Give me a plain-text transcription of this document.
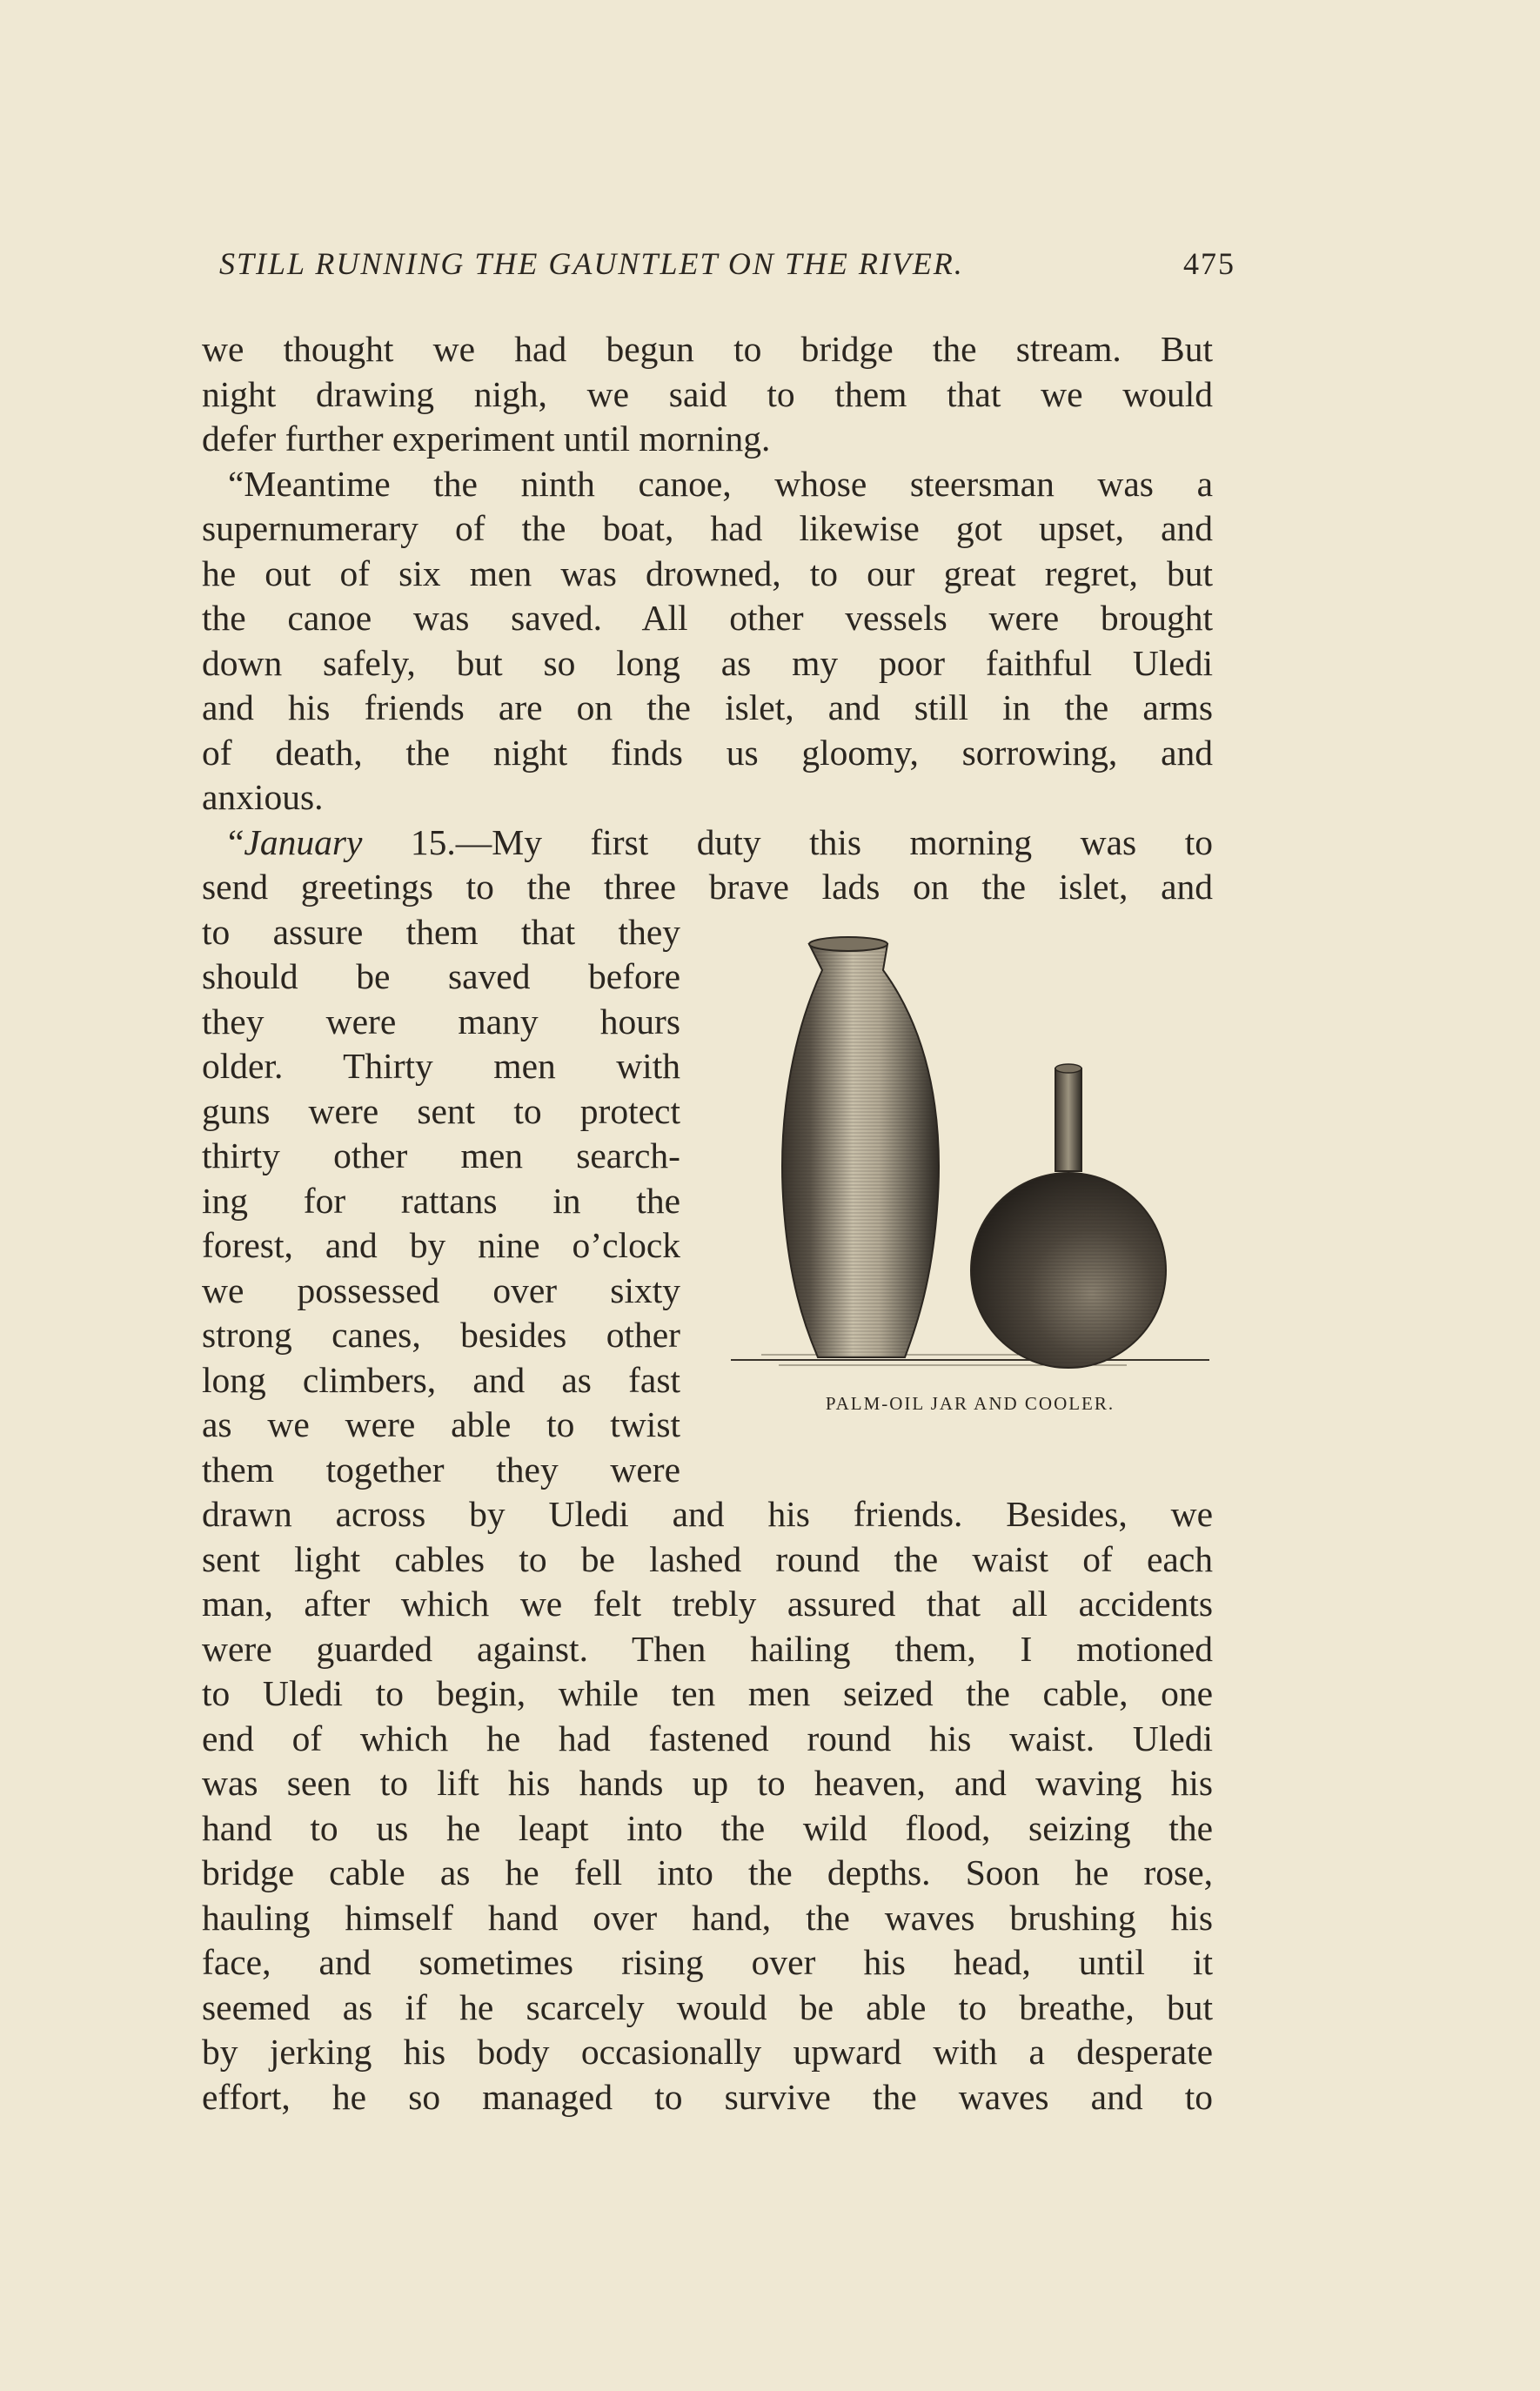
STILL RUNNING THE GAUNTLET ON THE RIVER.	475
we thought we had begun to bridge the stream. But
night drawing nigh, we said to them that we would
defer further experiment until morning.
“Meantime the ninth canoe, whose steersman was a
supernumerary of the boat, had likewise got upset, and
he out of six men was drowned, to our great regret, but
the canoe was saved. All other vessels were brought
down safely, but so long as my poor faithful Uledi
and his friends are on the islet, and still in the arms
of death, the night finds us gloomy, sorrowing, and
anxious.
“January 15.—My first duty this morning was to
send greetings to the three brave lads on the islet, and
to assure them that they
should be saved before
they were many hours
older. Thirty men with
guns were sent to protect
thirty other men search-
ing for rattans in the
forest, and by nine o’clock
we possessed over sixty
strong canes, besides other
long climbers, and as fast
as we were able to twist
them together they were
drawn across by Uledi and his friends. Besides, we
sent light cables to be lashed round the waist of each
man, after which we felt trebly assured that all accidents
were guarded against. Then hailing them, I motioned
to Uledi to begin, while ten men seized the cable, one
end of which he had fastened round his waist. Uledi
was seen to lift his hands up to heaven, and waving his
hand to us he leapt into the wild flood, seizing the
bridge cable as he fell into the depths. Soon he rose,
hauling himself hand over hand, the waves brushing his
face, and sometimes rising over his head, until it
seemed as if he scarcely would be able to breathe, but
by jerking his body occasionally upward with a desperate
effort, he so managed to survive the waves and to
PALM-OIL JAR AND COOLER.
